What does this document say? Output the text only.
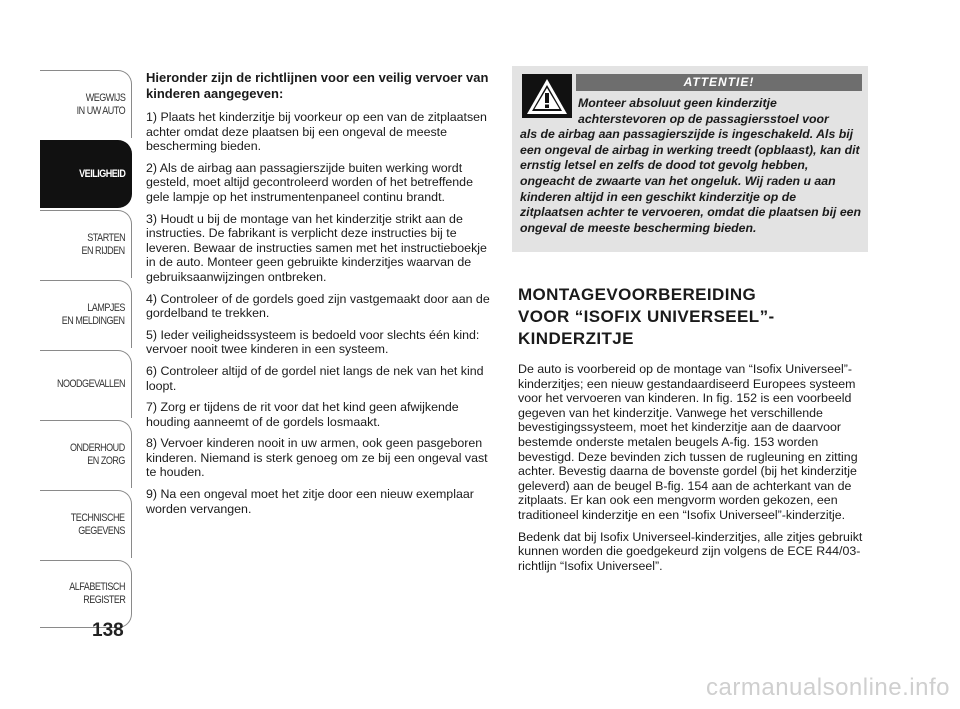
WEGWIJS
IN UW AUTO
VEILIGHEID
STARTEN
EN RIJDEN
LAMPJES
EN MELDINGEN
NOODGEVALLEN
ONDERHOUD
EN ZORG
TECHNISCHE
GEGEVENS
ALFABETISCH
REGISTER
138

Hieronder zijn de richtlijnen voor een veilig vervoer van kinderen aangegeven:

1) Plaats het kinderzitje bij voorkeur op een van de zitplaatsen achter omdat deze plaatsen bij een ongeval de meeste bescherming bieden.

2) Als de airbag aan passagierszijde buiten werking wordt gesteld, moet altijd gecontroleerd worden of het betreffende gele lampje op het instrumentenpaneel continu brandt.

3) Houdt u bij de montage van het kinderzitje strikt aan de instructies. De fabrikant is verplicht deze instructies bij te leveren. Bewaar de instructies samen met het instructieboekje in de auto. Monteer geen gebruikte kinderzitjes waarvan de gebruiksaanwijzingen ontbreken.

4) Controleer of de gordels goed zijn vastgemaakt door aan de gordelband te trekken.

5) Ieder veiligheidssysteem is bedoeld voor slechts één kind: vervoer nooit twee kinderen in een systeem.

6) Controleer altijd of de gordel niet langs de nek van het kind loopt.

7) Zorg er tijdens de rit voor dat het kind geen afwijkende houding aanneemt of de gordels losmaakt.

8) Vervoer kinderen nooit in uw armen, ook geen pasgeboren kinderen. Niemand is sterk genoeg om ze bij een ongeval vast te houden.

9) Na een ongeval moet het zitje door een nieuw exemplaar worden vervangen.

ATTENTIE!
Monteer absoluut geen kinderzitje achterstevoren op de passagiersstoel voor
als de airbag aan passagierszijde is ingeschakeld. Als bij een ongeval de airbag in werking treedt (opblaast), kan dit ernstig letsel en zelfs de dood tot gevolg hebben, ongeacht de zwaarte van het ongeluk. Wij raden u aan kinderen altijd in een geschikt kinderzitje op de zitplaatsen achter te vervoeren, omdat die plaatsen bij een ongeval de meeste bescherming bieden.
MONTAGEVOORBEREIDING
VOOR “ISOFIX UNIVERSEEL”-
KINDERZITJE

De auto is voorbereid op de montage van “Isofix Universeel”-kinderzitjes; een nieuw gestandaardiseerd Europees systeem voor het vervoeren van kinderen. In fig. 152 is een voorbeeld gegeven van het kinderzitje. Vanwege het verschillende bevestigingssysteem, moet het kinderzitje aan de daarvoor bestemde onderste metalen beugels A-fig. 153 worden bevestigd. Deze bevinden zich tussen de rugleuning en zitting achter. Bevestig daarna de bovenste gordel (bij het kinderzitje geleverd) aan de beugel B-fig. 154 aan de achterkant van de zitplaats. Er kan ook een mengvorm worden gekozen, een traditioneel kinderzitje en een “Isofix Universeel”-kinderzitje.

Bedenk dat bij Isofix Universeel-kinderzitjes, alle zitjes gebruikt kunnen worden die goedgekeurd zijn volgens de ECE R44/03-richtlijn “Isofix Universeel”.

carmanualsonline.info
